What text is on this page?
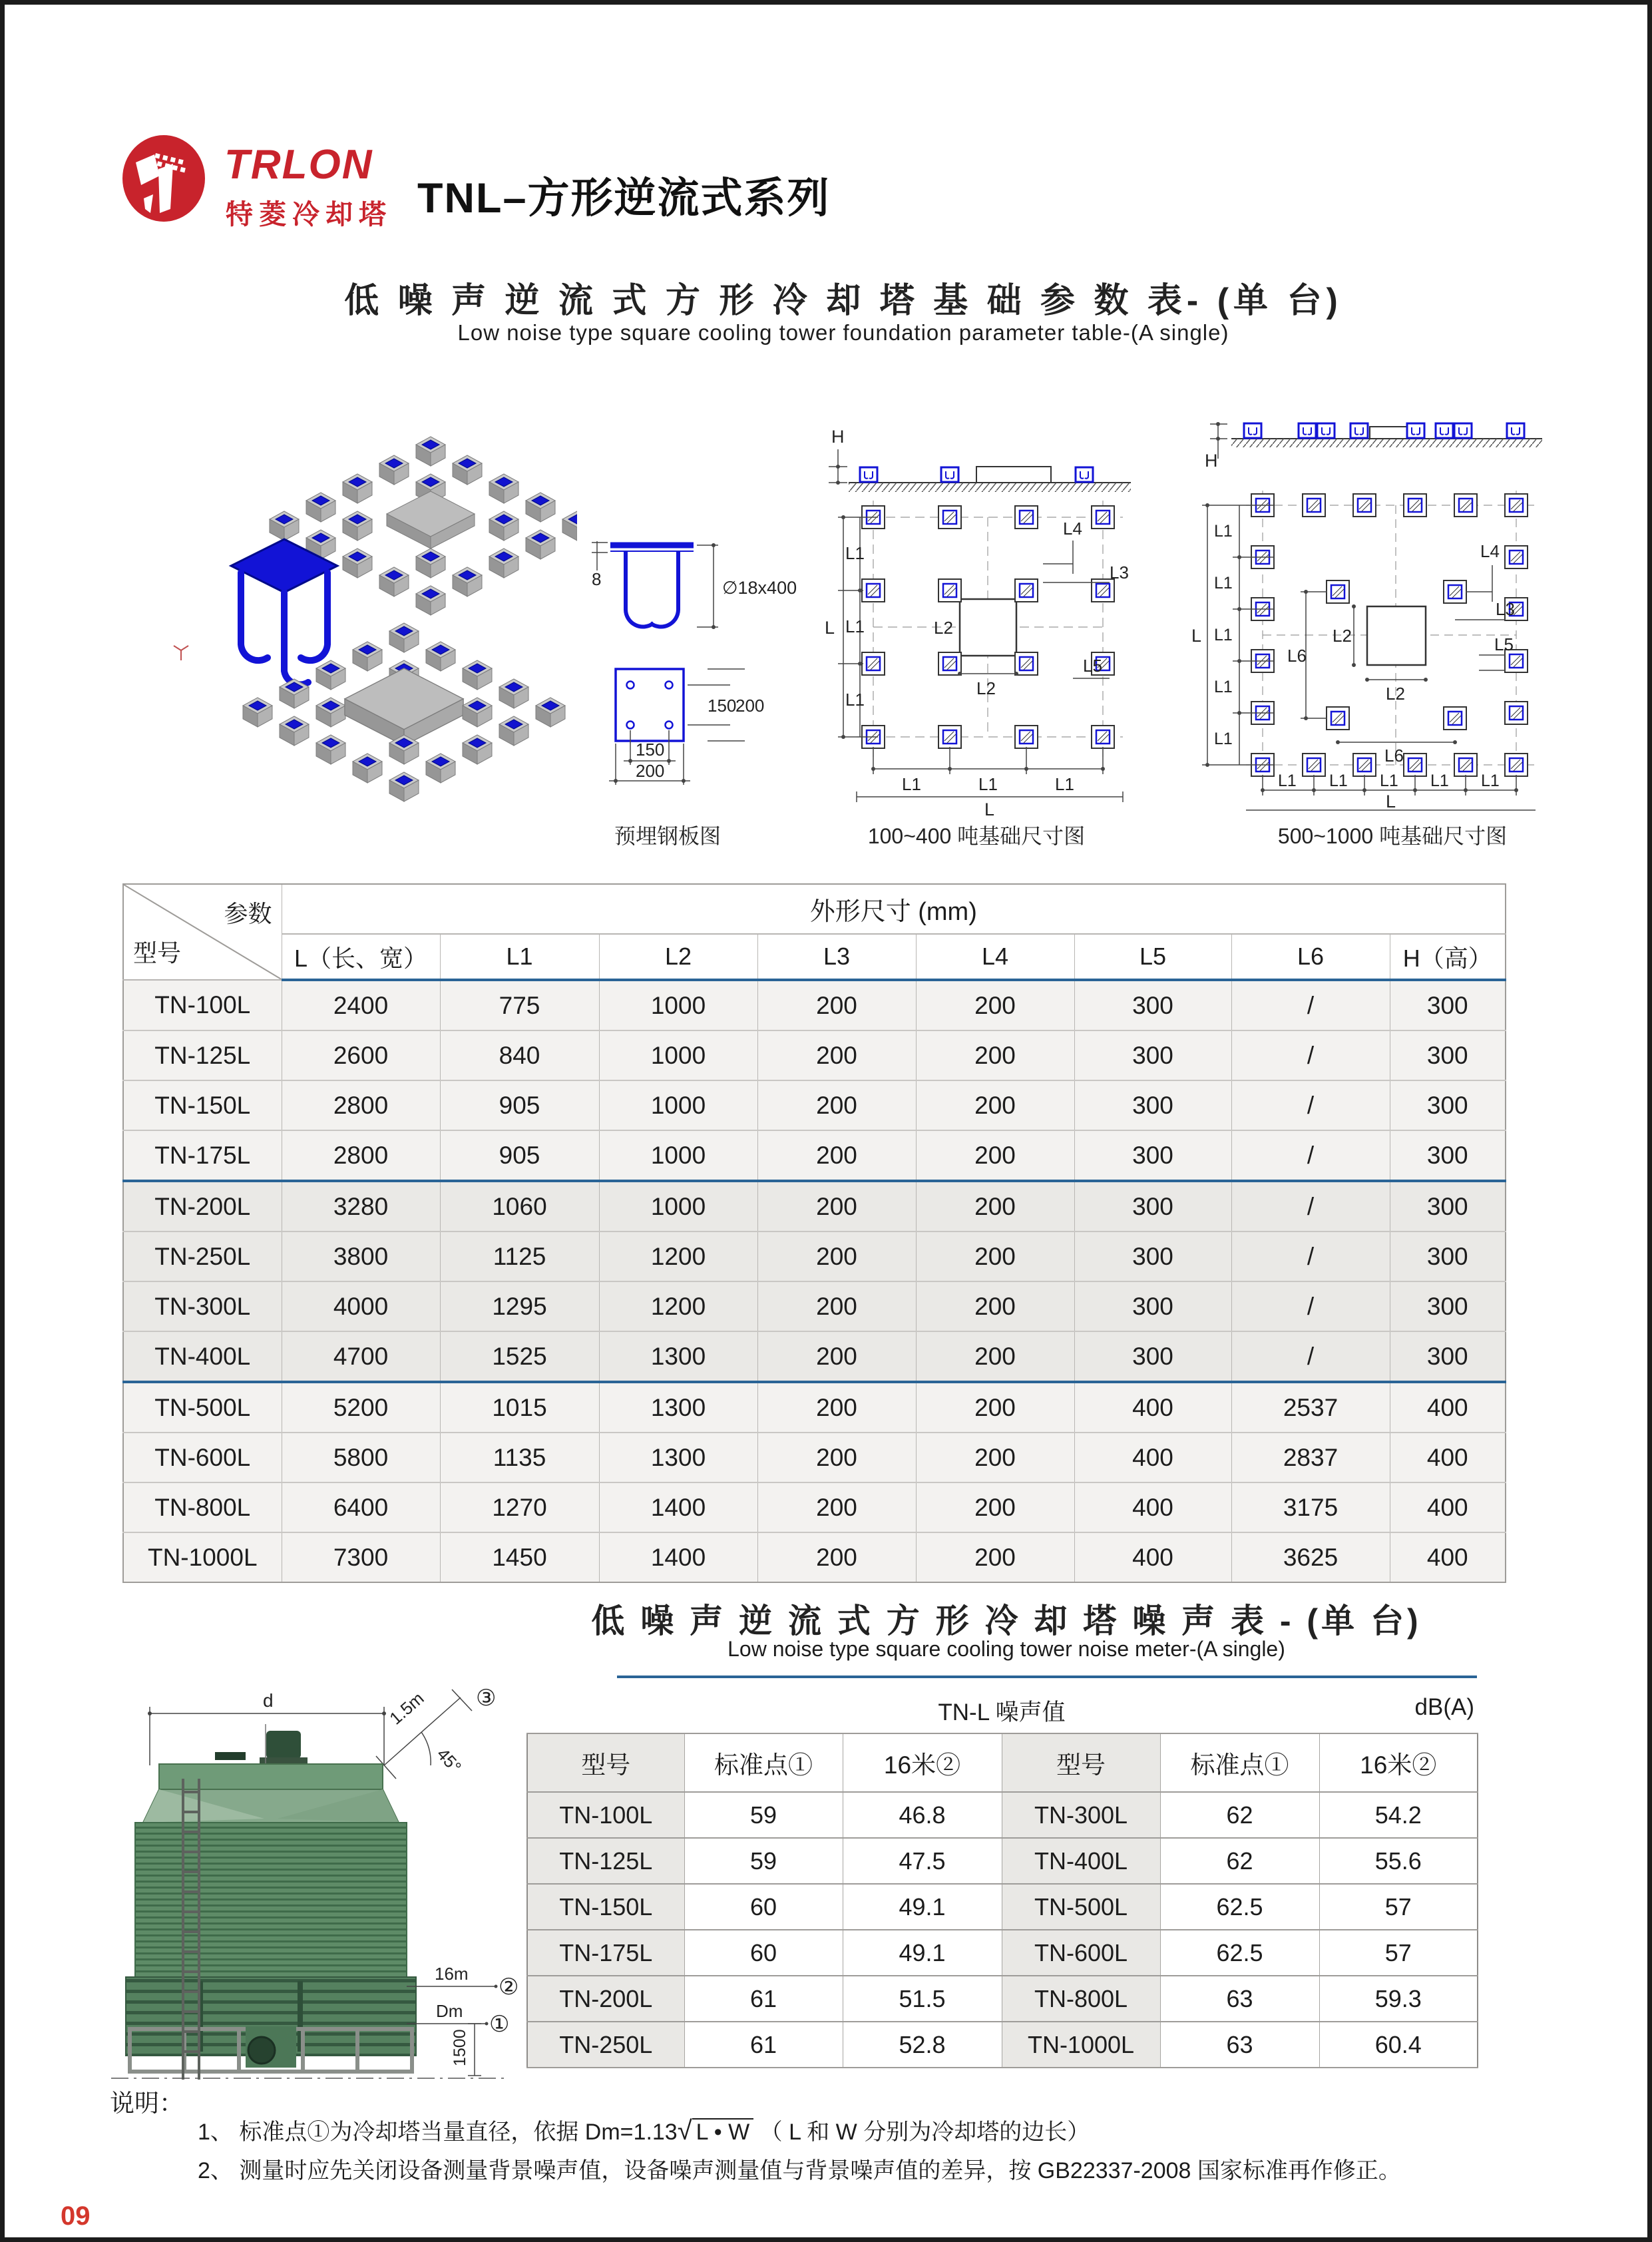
TRLON
特菱冷却塔 TNL–方形逆流式系列
低 噪 声 逆 流 式 方 形 冷 却 塔 基 础 参 数 表- (单 台)
Low noise type square cooling tower foundation parameter table-(A single)
8	∅18x400
150
200
150
200
H
L
L1
L1
L1
L2
L2
L4
L3
L5
L1	L1	L1
L
H
L
L1
L1
L1
L1
L1
L6
L6
L2
L2
L4
L3
L5
L1 L1 L1 L1 L1
L
预埋钢板图	100~400 吨基础尺寸图	500~1000 吨基础尺寸图
参数
型号	外形尺寸 (mm)							
	L（长、宽）	L1	L2	L3	L4	L5	L6	H（高）
TN-100L	2400	775	1000	200	200	300	/	300
TN-125L	2600	840	1000	200	200	300	/	300
TN-150L	2800	905	1000	200	200	300	/	300
TN-175L	2800	905	1000	200	200	300	/	300
TN-200L	3280	1060	1000	200	200	300	/	300
TN-250L	3800	1125	1200	200	200	300	/	300
TN-300L	4000	1295	1200	200	200	300	/	300
TN-400L	4700	1525	1300	200	200	300	/	300
TN-500L	5200	1015	1300	200	200	400	2537	400
TN-600L	5800	1135	1300	200	200	400	2837	400
TN-800L	6400	1270	1400	200	200	400	3175	400
TN-1000L	7300	1450	1400	200	200	400	3625	400
低 噪 声 逆 流 式 方 形 冷 却 塔 噪 声 表 - (单 台)
Low noise type square cooling tower noise meter-(A single)
TN-L 噪声值	dB(A)
型号	标准点①	16米②	型号	标准点①	16米②
TN-100L	59	46.8	TN-300L	62	54.2
TN-125L	59	47.5	TN-400L	62	55.6
TN-150L	60	49.1	TN-500L	62.5	57
TN-175L	60	49.1	TN-600L	62.5	57
TN-200L	61	51.5	TN-800L	63	59.3
TN-250L	61	52.8	TN-1000L	63	60.4
d	1.5m
45°
③
16m
②
Dm
①
1500
说明：
1、 标准点①为冷却塔当量直径，依据 Dm=1.13√ L • W （ L 和 W 分别为冷却塔的边长）
2、 测量时应先关闭设备测量背景噪声值，设备噪声测量值与背景噪声值的差异，按 GB22337-2008 国家标准再作修正。
09
